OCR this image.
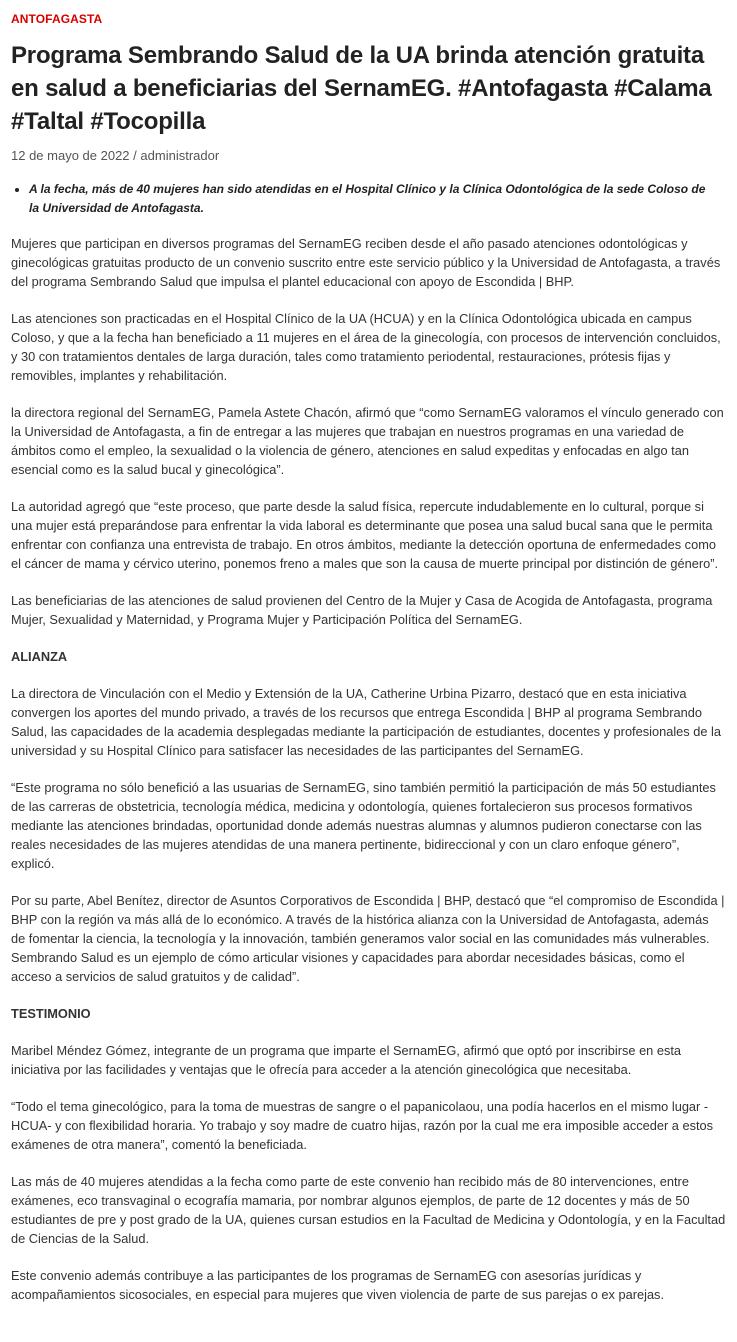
ANTOFAGASTA
Programa Sembrando Salud de la UA brinda atención gratuita en salud a beneficiarias del SernamEG. #Antofagasta #Calama #Taltal #Tocopilla
12 de mayo de 2022 / administrador
• A la fecha, más de 40 mujeres han sido atendidas en el Hospital Clínico y la Clínica Odontológica de la sede Coloso de la Universidad de Antofagasta.

Mujeres que participan en diversos programas del SernamEG reciben desde el año pasado atenciones odontológicas y ginecológicas gratuitas producto de un convenio suscrito entre este servicio público y la Universidad de Antofagasta, a través del programa Sembrando Salud que impulsa el plantel educacional con apoyo de Escondida | BHP.

Las atenciones son practicadas en el Hospital Clínico de la UA (HCUA) y en la Clínica Odontológica ubicada en campus Coloso, y que a la fecha han beneficiado a 11 mujeres en el área de la ginecología, con procesos de intervención concluidos, y 30 con tratamientos dentales de larga duración, tales como tratamiento periodental, restauraciones, prótesis fijas y removibles, implantes y rehabilitación.

la directora regional del SernamEG, Pamela Astete Chacón, afirmó que “como SernamEG valoramos el vínculo generado con la Universidad de Antofagasta, a fin de entregar a las mujeres que trabajan en nuestros programas en una variedad de ámbitos como el empleo, la sexualidad o la violencia de género, atenciones en salud expeditas y enfocadas en algo tan esencial como es la salud bucal y ginecológica”.

La autoridad agregó que “este proceso, que parte desde la salud física, repercute indudablemente en lo cultural, porque si una mujer está preparándose para enfrentar la vida laboral es determinante que posea una salud bucal sana que le permita enfrentar con confianza una entrevista de trabajo. En otros ámbitos, mediante la detección oportuna de enfermedades como el cáncer de mama y cérvico uterino, ponemos freno a males que son la causa de muerte principal por distinción de género”.

Las beneficiarias de las atenciones de salud provienen del Centro de la Mujer y Casa de Acogida de Antofagasta, programa Mujer, Sexualidad y Maternidad, y Programa Mujer y Participación Política del SernamEG.

ALIANZA

La directora de Vinculación con el Medio y Extensión de la UA, Catherine Urbina Pizarro, destacó que en esta iniciativa convergen los aportes del mundo privado, a través de los recursos que entrega Escondida | BHP al programa Sembrando Salud, las capacidades de la academia desplegadas mediante la participación de estudiantes, docentes y profesionales de la universidad y su Hospital Clínico para satisfacer las necesidades de las participantes del SernamEG.

“Este programa no sólo benefició a las usuarias de SernamEG, sino también permitió la participación de más 50 estudiantes de las carreras de obstetricia, tecnología médica, medicina y odontología, quienes fortalecieron sus procesos formativos mediante las atenciones brindadas, oportunidad donde además nuestras alumnas y alumnos pudieron conectarse con las reales necesidades de las mujeres atendidas de una manera pertinente, bidireccional y con un claro enfoque género”, explicó.

Por su parte, Abel Benítez, director de Asuntos Corporativos de Escondida | BHP, destacó que “el compromiso de Escondida | BHP con la región va más allá de lo económico. A través de la histórica alianza con la Universidad de Antofagasta, además de fomentar la ciencia, la tecnología y la innovación, también generamos valor social en las comunidades más vulnerables. Sembrando Salud es un ejemplo de cómo articular visiones y capacidades para abordar necesidades básicas, como el acceso a servicios de salud gratuitos y de calidad”.

TESTIMONIO

Maribel Méndez Gómez, integrante de un programa que imparte el SernamEG, afirmó que optó por inscribirse en esta iniciativa por las facilidades y ventajas que le ofrecía para acceder a la atención ginecológica que necesitaba.

“Todo el tema ginecológico, para la toma de muestras de sangre o el papanicolaou, una podía hacerlos en el mismo lugar -HCUA- y con flexibilidad horaria. Yo trabajo y soy madre de cuatro hijas, razón por la cual me era imposible acceder a estos exámenes de otra manera”, comentó la beneficiada.

Las más de 40 mujeres atendidas a la fecha como parte de este convenio han recibido más de 80 intervenciones, entre exámenes, eco transvaginal o ecografía mamaria, por nombrar algunos ejemplos, de parte de 12 docentes y más de 50 estudiantes de pre y post grado de la UA, quienes cursan estudios en la Facultad de Medicina y Odontología, y en la Facultad de Ciencias de la Salud.

Este convenio además contribuye a las participantes de los programas de SernamEG con asesorías jurídicas y acompañamientos sicosociales, en especial para mujeres que viven violencia de parte de sus parejas o ex parejas.
